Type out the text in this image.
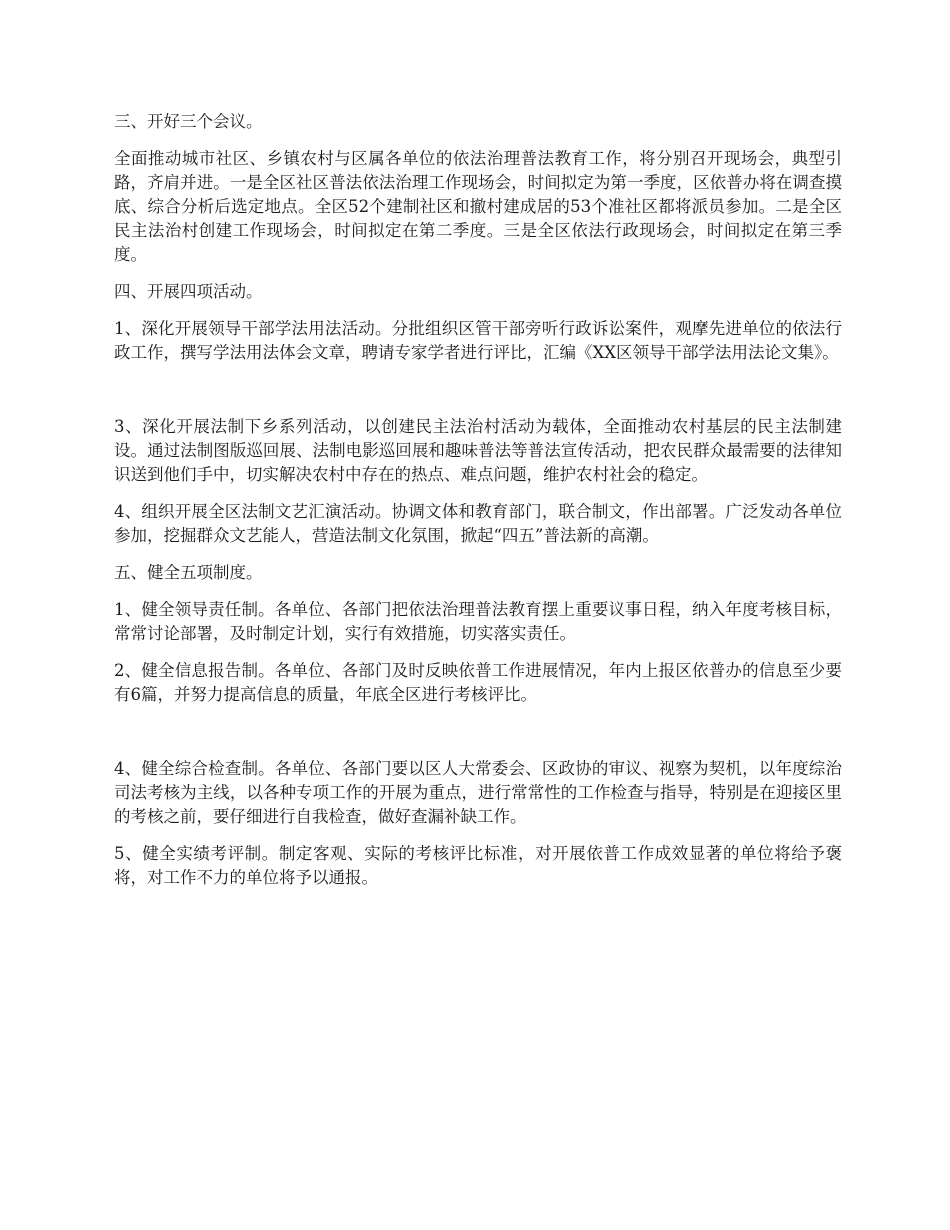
三、开好三个会议。

全面推动城市社区、乡镇农村与区属各单位的依法治理普法教育工作，将分别召开现场会，典型引路，齐肩并进。一是全区社区普法依法治理工作现场会，时间拟定为第一季度，区依普办将在调查摸底、综合分析后选定地点。全区52个建制社区和撤村建成居的53个准社区都将派员参加。二是全区民主法治村创建工作现场会，时间拟定在第二季度。三是全区依法行政现场会，时间拟定在第三季度。

四、开展四项活动。

1、深化开展领导干部学法用法活动。分批组织区管干部旁听行政诉讼案件，观摩先进单位的依法行政工作，撰写学法用法体会文章，聘请专家学者进行评比，汇编《XX区领导干部学法用法论文集》。

3、深化开展法制下乡系列活动，以创建民主法治村活动为载体，全面推动农村基层的民主法制建设。通过法制图版巡回展、法制电影巡回展和趣味普法等普法宣传活动，把农民群众最需要的法律知识送到他们手中，切实解决农村中存在的热点、难点问题，维护农村社会的稳定。

4、组织开展全区法制文艺汇演活动。协调文体和教育部门，联合制文，作出部署。广泛发动各单位参加，挖掘群众文艺能人，营造法制文化氛围，掀起“四五”普法新的高潮。

五、健全五项制度。

1、健全领导责任制。各单位、各部门把依法治理普法教育摆上重要议事日程，纳入年度考核目标，常常讨论部署，及时制定计划，实行有效措施，切实落实责任。

2、健全信息报告制。各单位、各部门及时反映依普工作进展情况，年内上报区依普办的信息至少要有6篇，并努力提高信息的质量，年底全区进行考核评比。

4、健全综合检查制。各单位、各部门要以区人大常委会、区政协的审议、视察为契机，以年度综治司法考核为主线，以各种专项工作的开展为重点，进行常常性的工作检查与指导，特别是在迎接区里的考核之前，要仔细进行自我检查，做好查漏补缺工作。

5、健全实绩考评制。制定客观、实际的考核评比标准，对开展依普工作成效显著的单位将给予褒将，对工作不力的单位将予以通报。
